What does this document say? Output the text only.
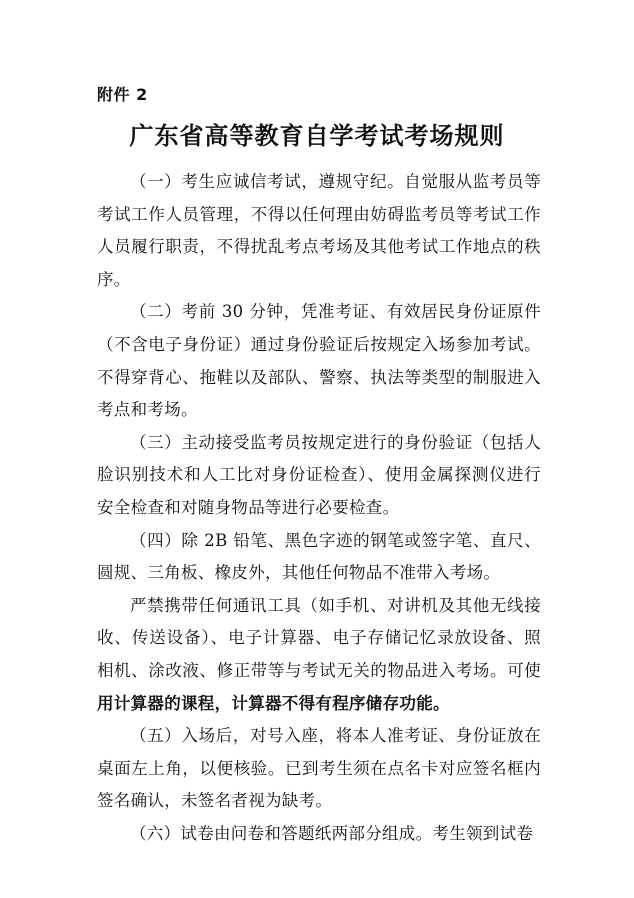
附件 2
广东省高等教育自学考试考场规则

（一）考生应诚信考试，遵规守纪。自觉服从监考员等考试工作人员管理，不得以任何理由妨碍监考员等考试工作人员履行职责，不得扰乱考点考场及其他考试工作地点的秩序。

（二）考前 30 分钟，凭准考证、有效居民身份证原件（不含电子身份证）通过身份验证后按规定入场参加考试。不得穿背心、拖鞋以及部队、警察、执法等类型的制服进入考点和考场。

（三）主动接受监考员按规定进行的身份验证（包括人脸识别技术和人工比对身份证检查）、使用金属探测仪进行安全检查和对随身物品等进行必要检查。

（四）除 2B 铅笔、黑色字迹的钢笔或签字笔、直尺、圆规、三角板、橡皮外，其他任何物品不准带入考场。

严禁携带任何通讯工具（如手机、对讲机及其他无线接收、传送设备）、电子计算器、电子存储记忆录放设备、照相机、涂改液、修正带等与考试无关的物品进入考场。可使用计算器的课程，计算器不得有程序储存功能。

（五）入场后，对号入座，将本人准考证、身份证放在桌面左上角，以便核验。已到考生须在点名卡对应签名框内签名确认，未签名者视为缺考。

（六）试卷由问卷和答题纸两部分组成。考生领到试卷
